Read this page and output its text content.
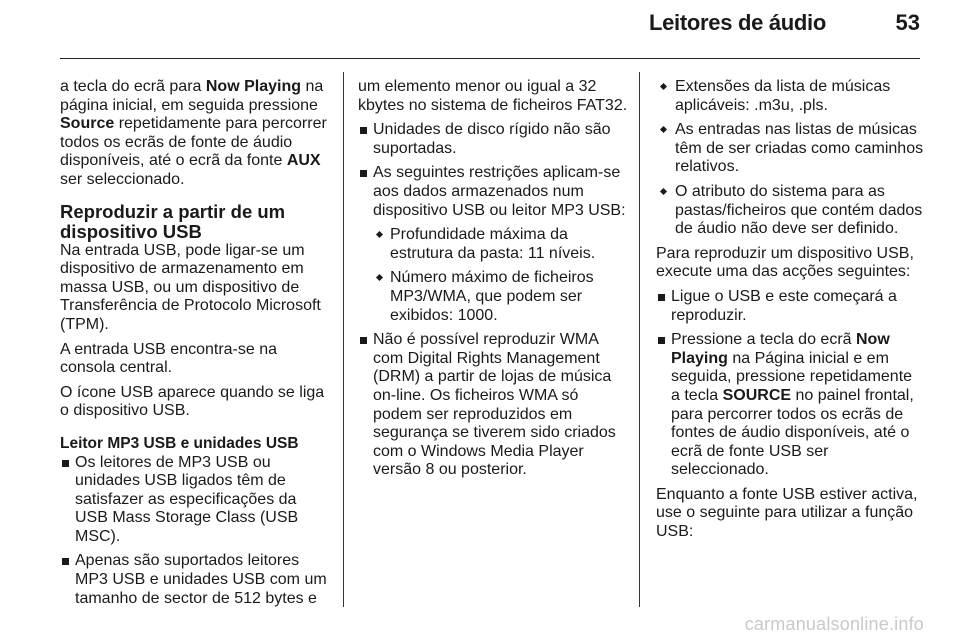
Leitores de áudio	53

a tecla do ecrã para Now Playing na página inicial, em seguida pressione Source repetidamente para percorrer todos os ecrãs de fonte de áudio disponíveis, até o ecrã da fonte AUX ser seleccionado.

Reproduzir a partir de um dispositivo USB

Na entrada USB, pode ligar-se um dispositivo de armazenamento em massa USB, ou um dispositivo de Transferência de Protocolo Microsoft (TPM).

A entrada USB encontra-se na consola central.

O ícone USB aparece quando se liga o dispositivo USB.

Leitor MP3 USB e unidades USB
Os leitores de MP3 USB ou unidades USB ligados têm de satisfazer as especificações da USB Mass Storage Class (USB MSC).
Apenas são suportados leitores MP3 USB e unidades USB com um tamanho de sector de 512 bytes e

um elemento menor ou igual a 32 kbytes no sistema de ficheiros FAT32.

Unidades de disco rígido não são suportadas.
As seguintes restrições aplicam-se aos dados armazenados num dispositivo USB ou leitor MP3 USB:
Profundidade máxima da estrutura da pasta: 11 níveis.
Número máximo de ficheiros MP3/WMA, que podem ser exibidos: 1000.
Não é possível reproduzir WMA com Digital Rights Management (DRM) a partir de lojas de música on-line. Os ficheiros WMA só podem ser reproduzidos em segurança se tiverem sido criados com o Windows Media Player versão 8 ou posterior.
Extensões da lista de músicas aplicáveis: .m3u, .pls.
As entradas nas listas de músicas têm de ser criadas como caminhos relativos.
O atributo do sistema para as pastas/ficheiros que contém dados de áudio não deve ser definido.

Para reproduzir um dispositivo USB, execute uma das acções seguintes:

Ligue o USB e este começará a reproduzir.
Pressione a tecla do ecrã Now Playing na Página inicial e em seguida, pressione repetidamente a tecla SOURCE no painel frontal, para percorrer todos os ecrãs de fontes de áudio disponíveis, até o ecrã de fonte USB ser seleccionado.

Enquanto a fonte USB estiver activa, use o seguinte para utilizar a função USB:

carmanualsonline.info
